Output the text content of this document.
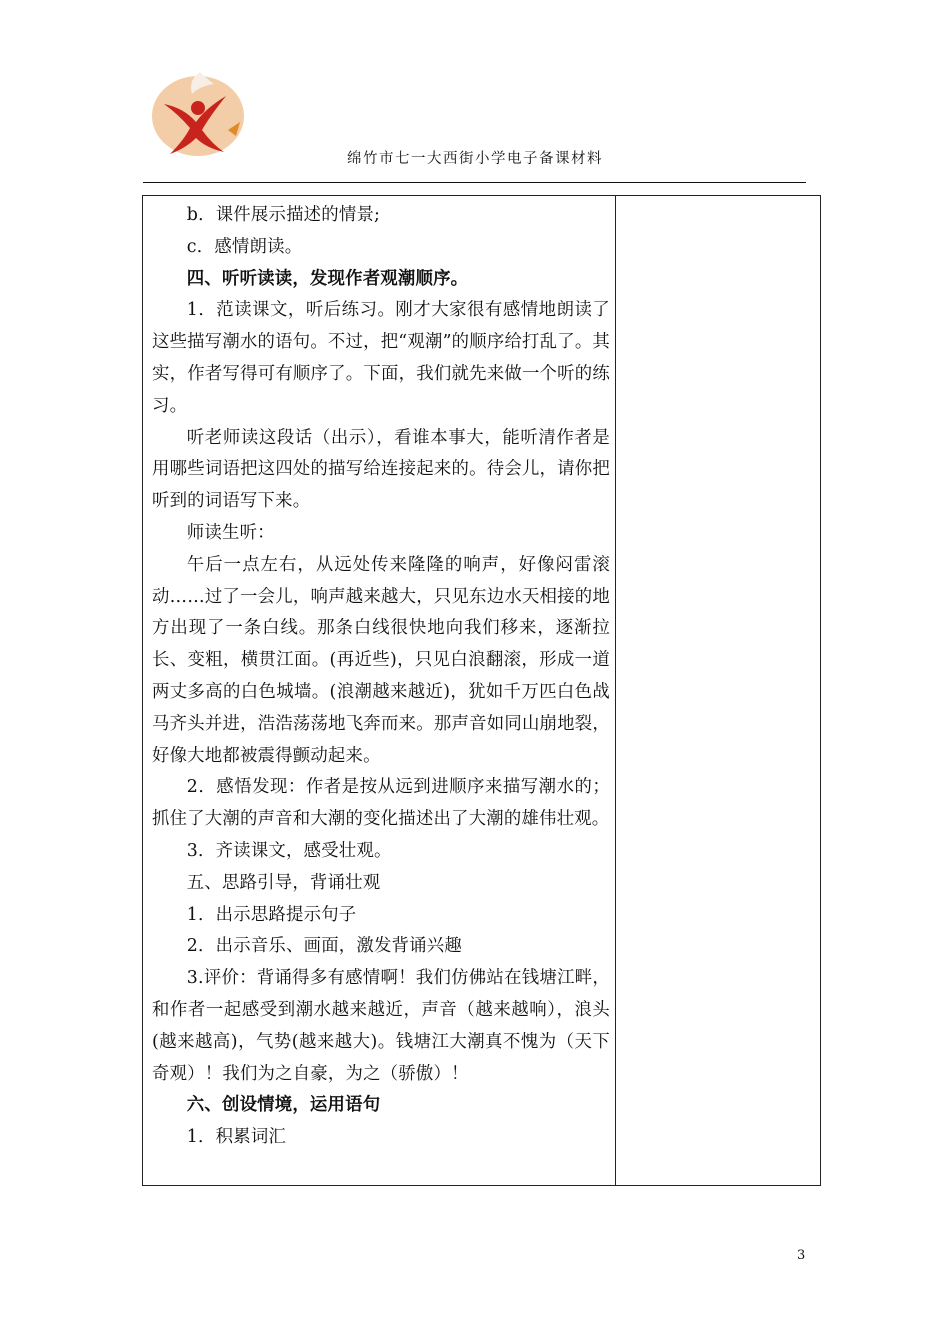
绵竹市七一大西街小学电子备课材料

b．课件展示描述的情景;

c．感情朗读。

四、听听读读，发现作者观潮顺序。

1．范读课文，听后练习。刚才大家很有感情地朗读了这些描写潮水的语句。不过，把“观潮”的顺序给打乱了。其实，作者写得可有顺序了。下面，我们就先来做一个听的练习。

听老师读这段话（出示），看谁本事大，能听清作者是用哪些词语把这四处的描写给连接起来的。待会儿，请你把听到的词语写下来。

师读生听：

午后一点左右，从远处传来隆隆的响声，好像闷雷滚动……过了一会儿，响声越来越大，只见东边水天相接的地方出现了一条白线。那条白线很快地向我们移来，逐渐拉长、变粗，横贯江面。(再近些)，只见白浪翻滚，形成一道两丈多高的白色城墙。(浪潮越来越近)，犹如千万匹白色战马齐头并进，浩浩荡荡地飞奔而来。那声音如同山崩地裂，好像大地都被震得颤动起来。

2．感悟发现：作者是按从远到进顺序来描写潮水的；抓住了大潮的声音和大潮的变化描述出了大潮的雄伟壮观。

3．齐读课文，感受壮观。

五、思路引导，背诵壮观

1．出示思路提示句子

2．出示音乐、画面，激发背诵兴趣

3.评价：背诵得多有感情啊！我们仿佛站在钱塘江畔，和作者一起感受到潮水越来越近，声音（越来越响），浪头(越来越高)，气势(越来越大)。钱塘江大潮真不愧为（天下奇观）！我们为之自豪，为之（骄傲）！

六、创设情境，运用语句

1．积累词汇

3
